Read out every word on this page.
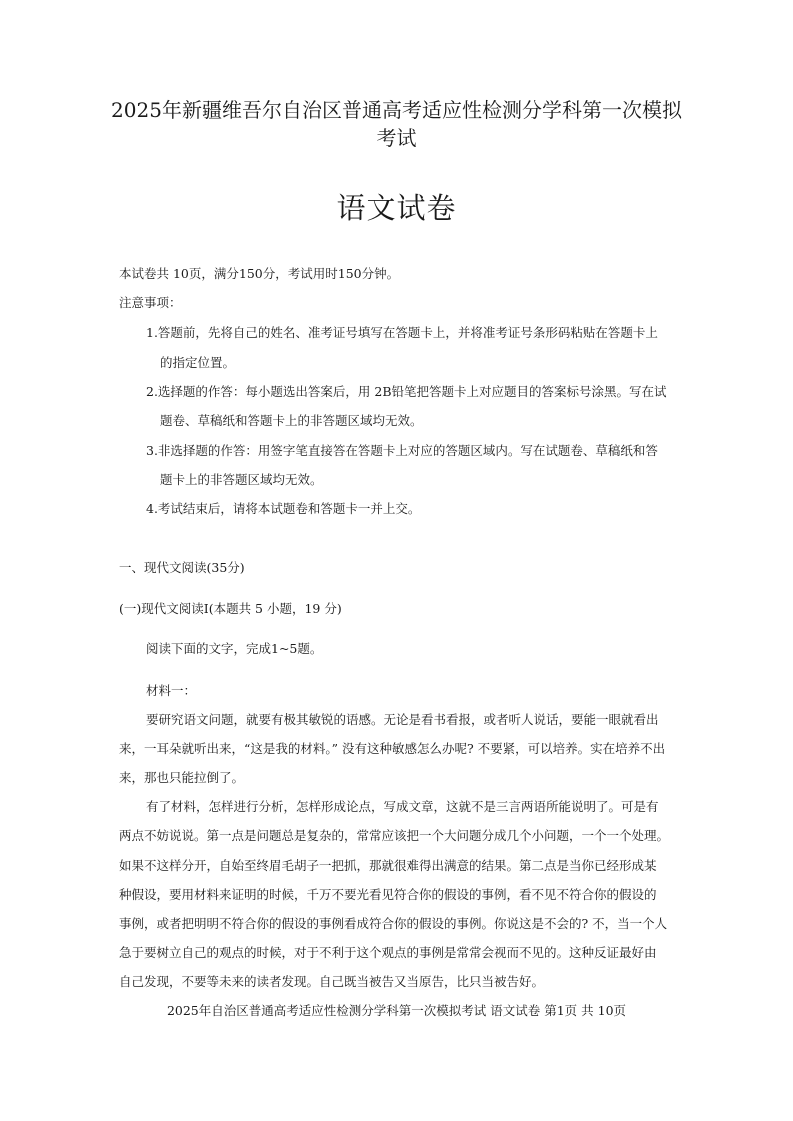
2025年新疆维吾尔自治区普通高考适应性检测分学科第一次模拟考试
语文试卷
本试卷共 10页，满分150分，考试用时150分钟。
注意事项：
1.答题前，先将自己的姓名、准考证号填写在答题卡上，并将准考证号条形码粘贴在答题卡上
的指定位置。
2.选择题的作答：每小题选出答案后，用 2B铅笔把答题卡上对应题目的答案标号涂黑。写在试
题卷、草稿纸和答题卡上的非答题区域均无效。
3.非选择题的作答：用签字笔直接答在答题卡上对应的答题区域内。写在试题卷、草稿纸和答
题卡上的非答题区域均无效。
4.考试结束后，请将本试题卷和答题卡一并上交。
一、现代文阅读(35分)
(一)现代文阅读Ⅰ(本题共 5 小题，19 分)
阅读下面的文字，完成1~5题。
材料一：
要研究语文问题，就要有极其敏锐的语感。无论是看书看报，或者听人说话，要能一眼就看出
来，一耳朵就听出来，“这是我的材料。” 没有这种敏感怎么办呢? 不要紧，可以培养。实在培养不出
来，那也只能拉倒了。
有了材料，怎样进行分析，怎样形成论点，写成文章，这就不是三言两语所能说明了。可是有
两点不妨说说。第一点是问题总是复杂的，常常应该把一个大问题分成几个小问题，一个一个处理。
如果不这样分开，自始至终眉毛胡子一把抓，那就很难得出满意的结果。第二点是当你已经形成某
种假设，要用材料来证明的时候，千万不要光看见符合你的假设的事例，看不见不符合你的假设的
事例，或者把明明不符合你的假设的事例看成符合你的假设的事例。你说这是不会的? 不，当一个人
急于要树立自己的观点的时候，对于不利于这个观点的事例是常常会视而不见的。这种反证最好由
自己发现，不要等未来的读者发现。自己既当被告又当原告，比只当被告好。
2025年自治区普通高考适应性检测分学科第一次模拟考试 语文试卷 第1页 共 10页
